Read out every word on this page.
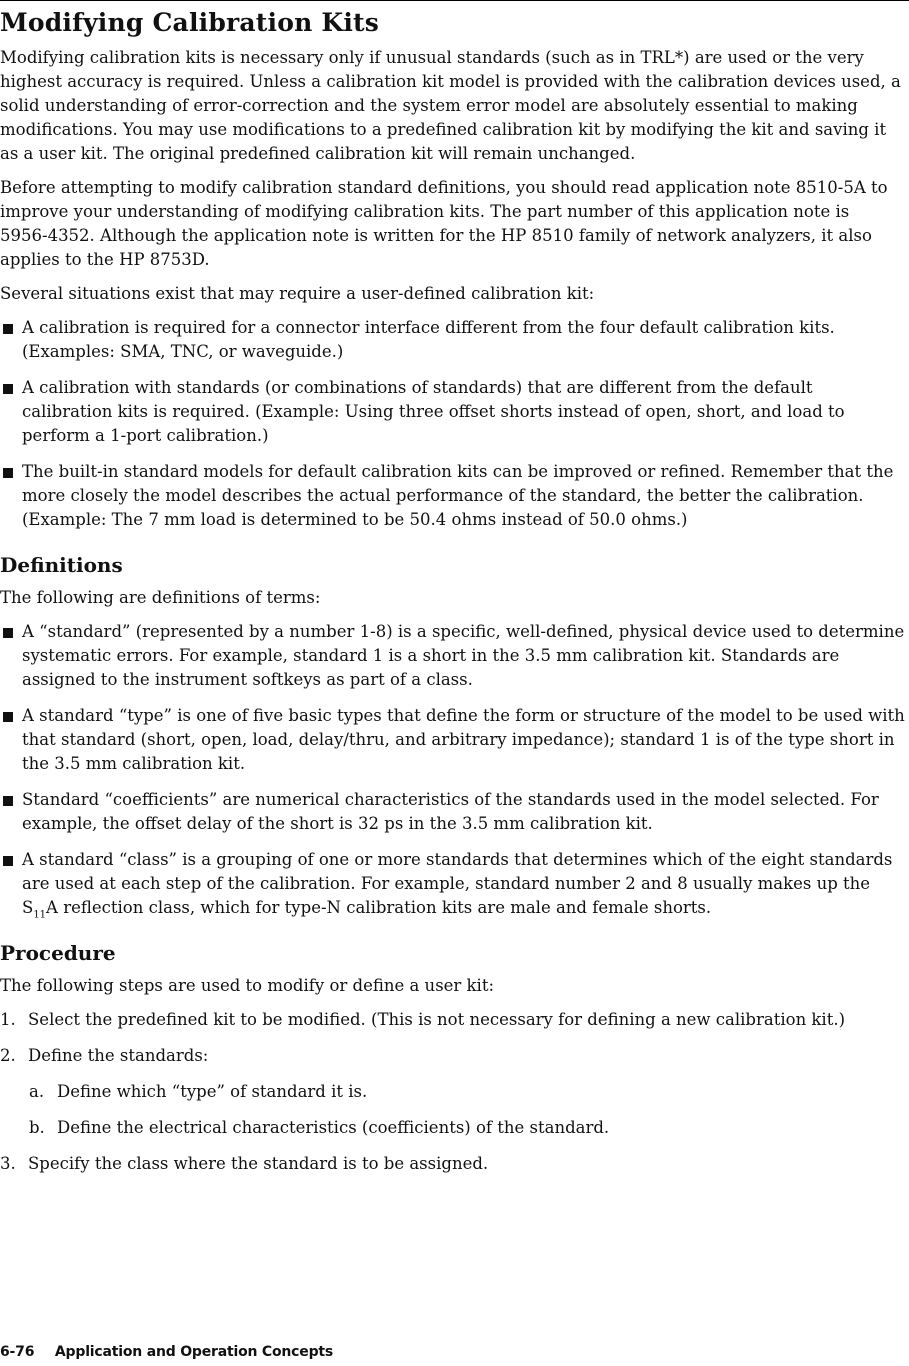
Modifying Calibration Kits

Modifying calibration kits is necessary only if unusual standards (such as in TRL*) are used or the very highest accuracy is required. Unless a calibration kit model is provided with the calibration devices used, a solid understanding of error-correction and the system error model are absolutely essential to making modifications. You may use modifications to a predefined calibration kit by modifying the kit and saving it as a user kit. The original predefined calibration kit will remain unchanged.

Before attempting to modify calibration standard definitions, you should read application note 8510-5A to improve your understanding of modifying calibration kits. The part number of this application note is 5956-4352. Although the application note is written for the HP 8510 family of network analyzers, it also applies to the HP 8753D.

Several situations exist that may require a user-defined calibration kit:

A calibration is required for a connector interface different from the four default calibration kits. (Examples: SMA, TNC, or waveguide.)
A calibration with standards (or combinations of standards) that are different from the default calibration kits is required. (Example: Using three offset shorts instead of open, short, and load to perform a 1-port calibration.)
The built-in standard models for default calibration kits can be improved or refined. Remember that the more closely the model describes the actual performance of the standard, the better the calibration. (Example: The 7 mm load is determined to be 50.4 ohms instead of 50.0 ohms.)
Definitions

The following are definitions of terms:

A “standard” (represented by a number 1-8) is a specific, well-defined, physical device used to determine systematic errors. For example, standard 1 is a short in the 3.5 mm calibration kit. Standards are assigned to the instrument softkeys as part of a class.
A standard “type” is one of five basic types that define the form or structure of the model to be used with that standard (short, open, load, delay/thru, and arbitrary impedance); standard 1 is of the type short in the 3.5 mm calibration kit.
Standard “coefficients” are numerical characteristics of the standards used in the model selected. For example, the offset delay of the short is 32 ps in the 3.5 mm calibration kit.
A standard “class” is a grouping of one or more standards that determines which of the eight standards are used at each step of the calibration. For example, standard number 2 and 8 usually makes up the $S_{11}A$ reflection class, which for type-N calibration kits are male and female shorts.
Procedure

The following steps are used to modify or define a user kit:

1. Select the predefined kit to be modified. (This is not necessary for defining a new calibration kit.)
2. Define the standards:
a. Define which “type” of standard it is.
b. Define the electrical characteristics (coefficients) of the standard.
3. Specify the class where the standard is to be assigned.
6-76 Application and Operation Concepts
